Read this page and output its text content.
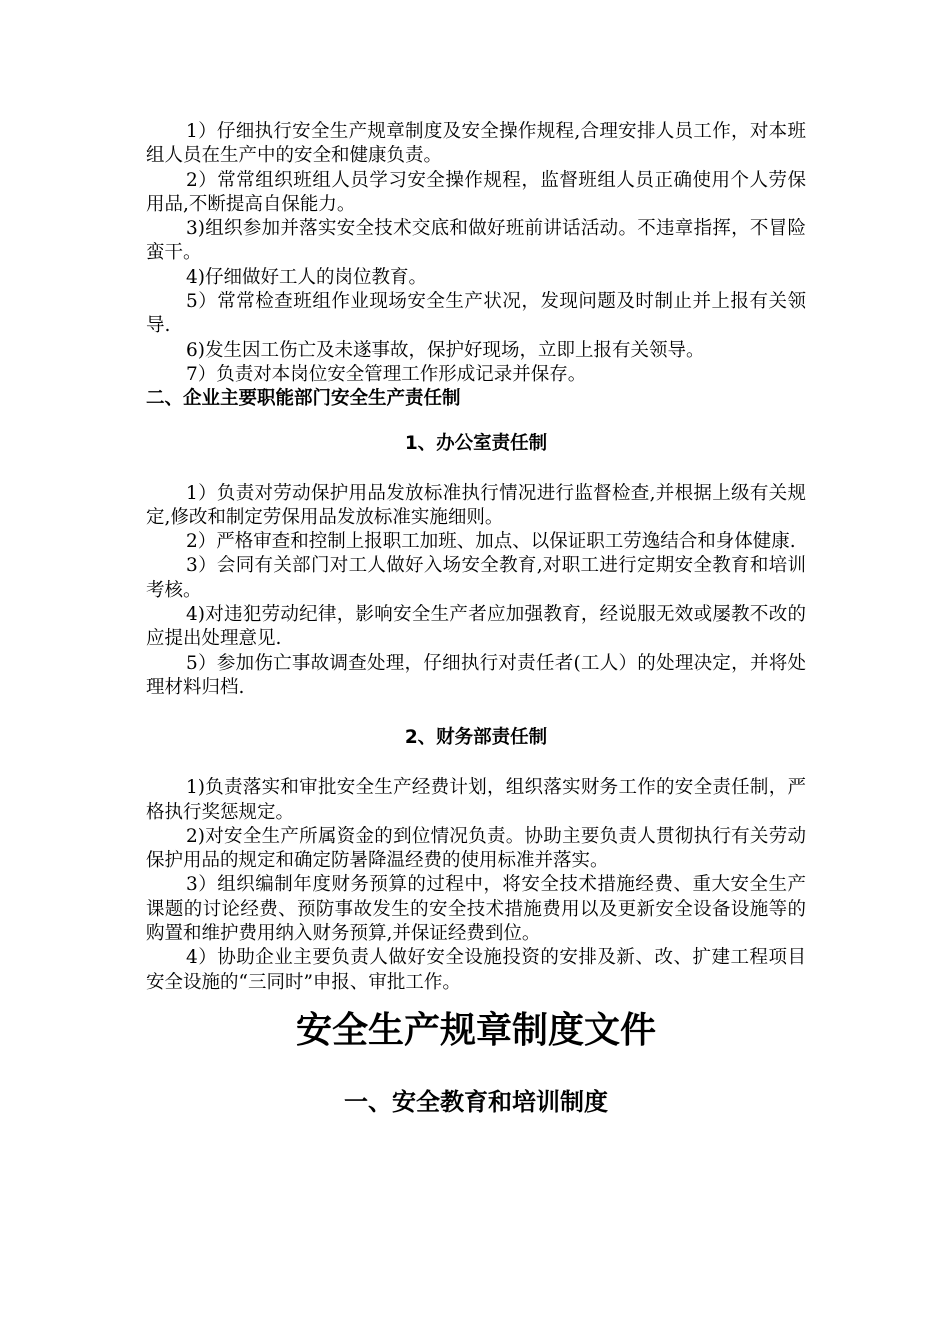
1）仔细执行安全生产规章制度及安全操作规程,合理安排人员工作，对本班组人员在生产中的安全和健康负责。

2）常常组织班组人员学习安全操作规程，监督班组人员正确使用个人劳保用品,不断提高自保能力。

3)组织参加并落实安全技术交底和做好班前讲话活动。不违章指挥，不冒险蛮干。

4)仔细做好工人的岗位教育。

5）常常检查班组作业现场安全生产状况，发现问题及时制止并上报有关领导.

6)发生因工伤亡及未遂事故，保护好现场，立即上报有关领导。

7）负责对本岗位安全管理工作形成记录并保存。

二、企业主要职能部门安全生产责任制

1、办公室责任制

1）负责对劳动保护用品发放标准执行情况进行监督检查,并根据上级有关规定,修改和制定劳保用品发放标准实施细则。

2）严格审查和控制上报职工加班、加点、以保证职工劳逸结合和身体健康.

3）会同有关部门对工人做好入场安全教育,对职工进行定期安全教育和培训考核。

4)对违犯劳动纪律，影响安全生产者应加强教育，经说服无效或屡教不改的应提出处理意见.

5）参加伤亡事故调查处理，仔细执行对责任者(工人）的处理决定，并将处理材料归档.

2、财务部责任制

1)负责落实和审批安全生产经费计划，组织落实财务工作的安全责任制，严格执行奖惩规定。

2)对安全生产所属资金的到位情况负责。协助主要负责人贯彻执行有关劳动保护用品的规定和确定防暑降温经费的使用标准并落实。

3）组织编制年度财务预算的过程中，将安全技术措施经费、重大安全生产课题的讨论经费、预防事故发生的安全技术措施费用以及更新安全设备设施等的购置和维护费用纳入财务预算,并保证经费到位。

4）协助企业主要负责人做好安全设施投资的安排及新、改、扩建工程项目安全设施的“三同时”申报、审批工作。

安全生产规章制度文件

一、安全教育和培训制度
